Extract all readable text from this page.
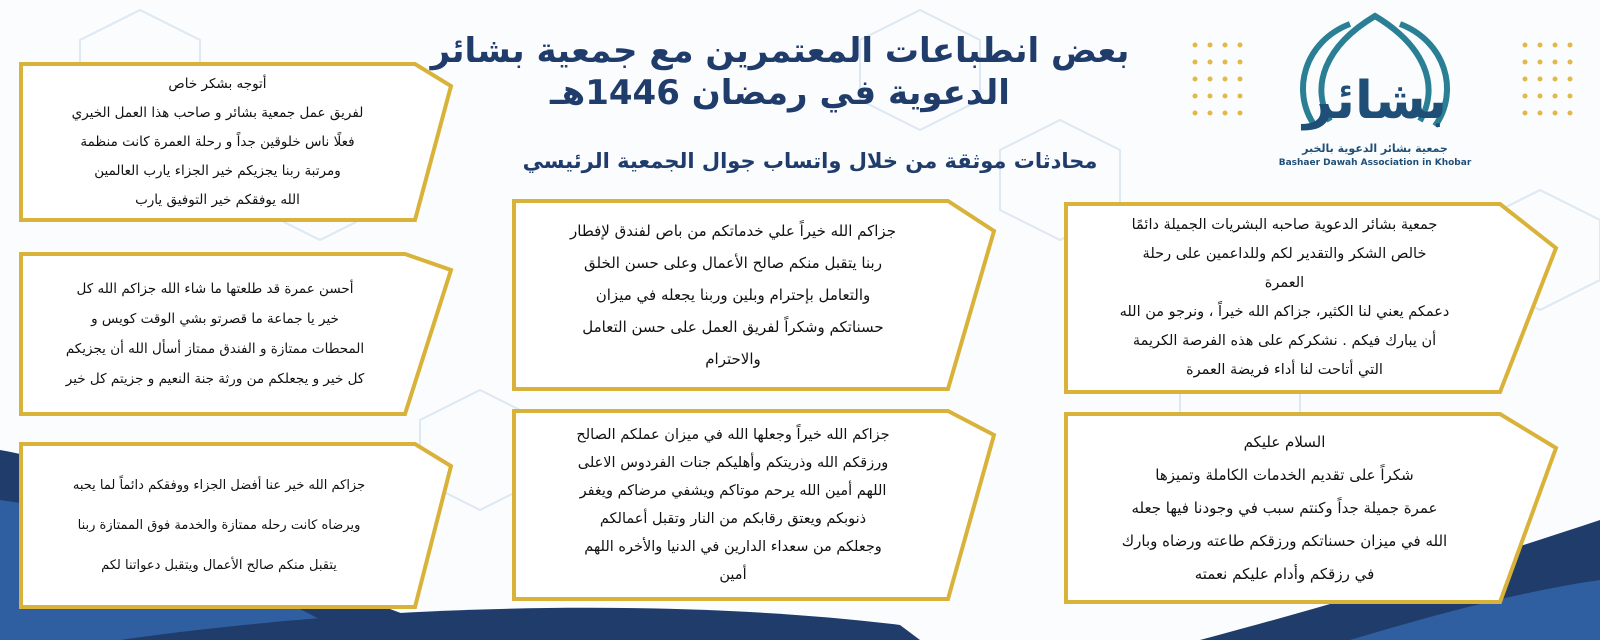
بشائر
جمعية بشائر الدعوية بالخبر
Bashaer Dawah Association in Khobar
بعض انطباعات المعتمرين مع جمعية بشائر
الدعوية في رمضان 1446هـ
محادثات موثقة من خلال واتساب جوال الجمعية الرئيسي
أتوجه بشكر خاص
لفريق عمل جمعية بشائر و صاحب هذا العمل الخيري
فعلًا ناس خلوقين جداً و رحلة العمرة كانت منظمة
ومرتبة ربنا يجزيكم خير الجزاء يارب العالمين
الله يوفقكم خير التوفيق يارب
أحسن عمرة قد طلعتها ما شاء الله جزاكم الله كل
خير يا جماعة ما قصرتو بشي الوقت كويس و
المحطات ممتازة و الفندق ممتاز أسأل الله أن يجزيكم
كل خير و يجعلكم من ورثة جنة النعيم و جزيتم كل خير
جزاكم الله خير عنا أفضل الجزاء ووفقكم دائماً لما يحبه
ويرضاه كانت رحله ممتازة والخدمة فوق الممتازة ربنا
يتقبل منكم صالح الأعمال ويتقبل دعواتنا لكم
جزاكم الله خيراً علي خدماتكم من باص لفندق لإفطار
ربنا يتقبل منكم صالح الأعمال وعلى حسن الخلق
والتعامل بإحترام وبلين وربنا يجعله في ميزان
حسناتكم وشكراً لفريق العمل على حسن التعامل
والاحترام
جزاكم الله خيراً وجعلها الله في ميزان عملكم الصالح
ورزقكم الله وذريتكم وأهليكم جنات الفردوس الاعلى
اللهم أمين الله يرحم موتاكم ويشفي مرضاكم ويغفر
ذنوبكم ويعتق رقابكم من النار وتقبل أعمالكم
وجعلكم من سعداء الدارين في الدنيا والأخره اللهم
أمين
جمعية بشائر الدعوية صاحبه البشريات الجميلة دائمًا
خالص الشكر والتقدير لكم وللداعمين على رحلة
العمرة
دعمكم يعني لنا الكثير، جزاكم الله خيراً ، ونرجو من الله
أن يبارك فيكم . نشكركم على هذه الفرصة الكريمة
التي أتاحت لنا أداء فريضة العمرة
السلام عليكم
شكراً على تقديم الخدمات الكاملة وتميزها
عمرة جميلة جداً وكنتم سبب في وجودنا فيها جعله
الله في ميزان حسناتكم ورزقكم طاعته ورضاه وبارك
في رزقكم وأدام عليكم نعمته
